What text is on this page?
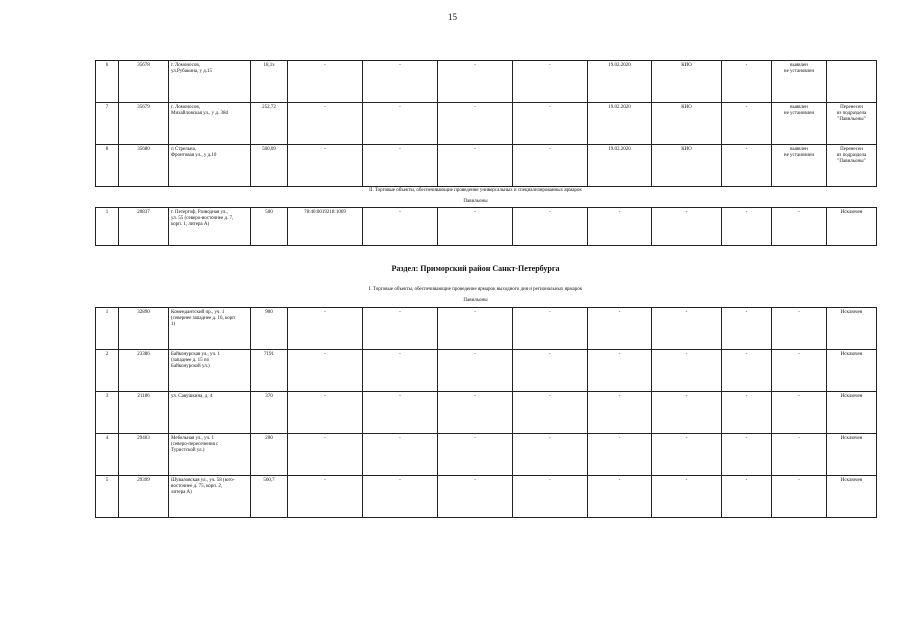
15
6	35678	г. Ломоносов,
ул.Рубакина, у д.15	18,1э	-	-	-	-	19.02.2020	КИО	-	выявлен
не установлен	
7	35679	г. Ломоносов,
Михайловская ул., у д. 38d	252,72	-	-	-	-	19.02.2020	КИО	-	выявлен
не установлен	Перенесен
из подраздела
"Павильоны"
8	35680	п Стрельна,
Фронтовая ул., у д.10	500,09	-	-	-	-	19.02.2020	КИО	-	выявлен
не установлен	Перенесен
из подраздела
"Павильоны"
II. Торговые объекты, обеспечивающие проведение универсальных и специализированных ярмарок
Павильоны
1	20837	г. Петергоф, Разводная ул.,
ул. 55 (северо-восточнее д. 7,
корп. 1, литера А)	500	78:40:0019218:1069	-	-	-	-	-	-	-	Исключен
Раздел: Приморский район Санкт-Петербурга
I. Торговые объекты, обеспечивающие проведение ярмарок выходного дня и региональных ярмарок
Павильоны
1	32890	Комендантский пр., уч. 1
(севернее западнее д. 16, корп
1)	900	-	-	-	-	-	-	-	-	Исключен
2	23386	Байконурская ул., уч. 1
(западнее д. 15 по
Байконурской ул.)	7191	-	-	-	-	-	-	-	-	Исключен
3	21186	ул. Савушкина, д. 4	370	-	-	-	-	-	-	-	-	Исключен
4	29403	Мебельная ул., уч. 1
(северо-пересечения с
Туристской ул.)	200	-	-	-	-	-	-	-	-	Исключен
5	29399	Шуваловская ул., уч. 58 (юго-
восточнее д. 75, корп. 2,
литера А)	560,7	-	-	-	-	-	-	-	-	Исключен
